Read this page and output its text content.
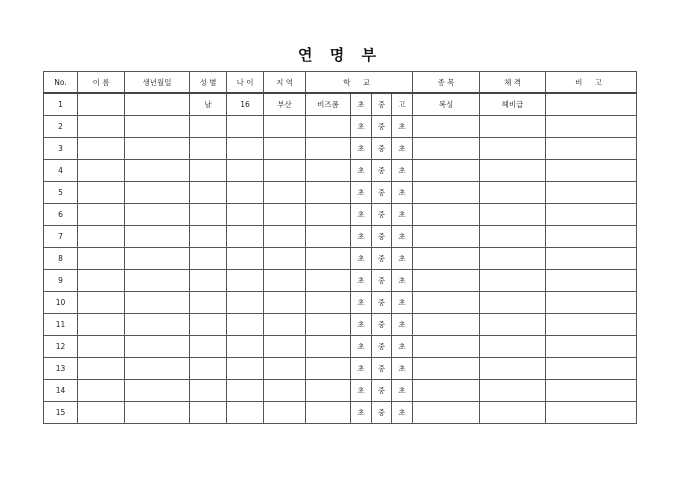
연 명 부
No.	이 름	생년월일	성 별	나 이	지 역	학 교				종 목	체 격	비 고
1			남	16	부산	비즈폼	초	중	고	복싱	헤비급	
2							초	중	초			
3							초	중	초			
4							초	중	초			
5							초	중	초			
6							초	중	초			
7							초	중	초			
8							초	중	초			
9							초	중	초			
10							초	중	초			
11							초	중	초			
12							초	중	초			
13							초	중	초			
14							초	중	초			
15							초	중	초			
